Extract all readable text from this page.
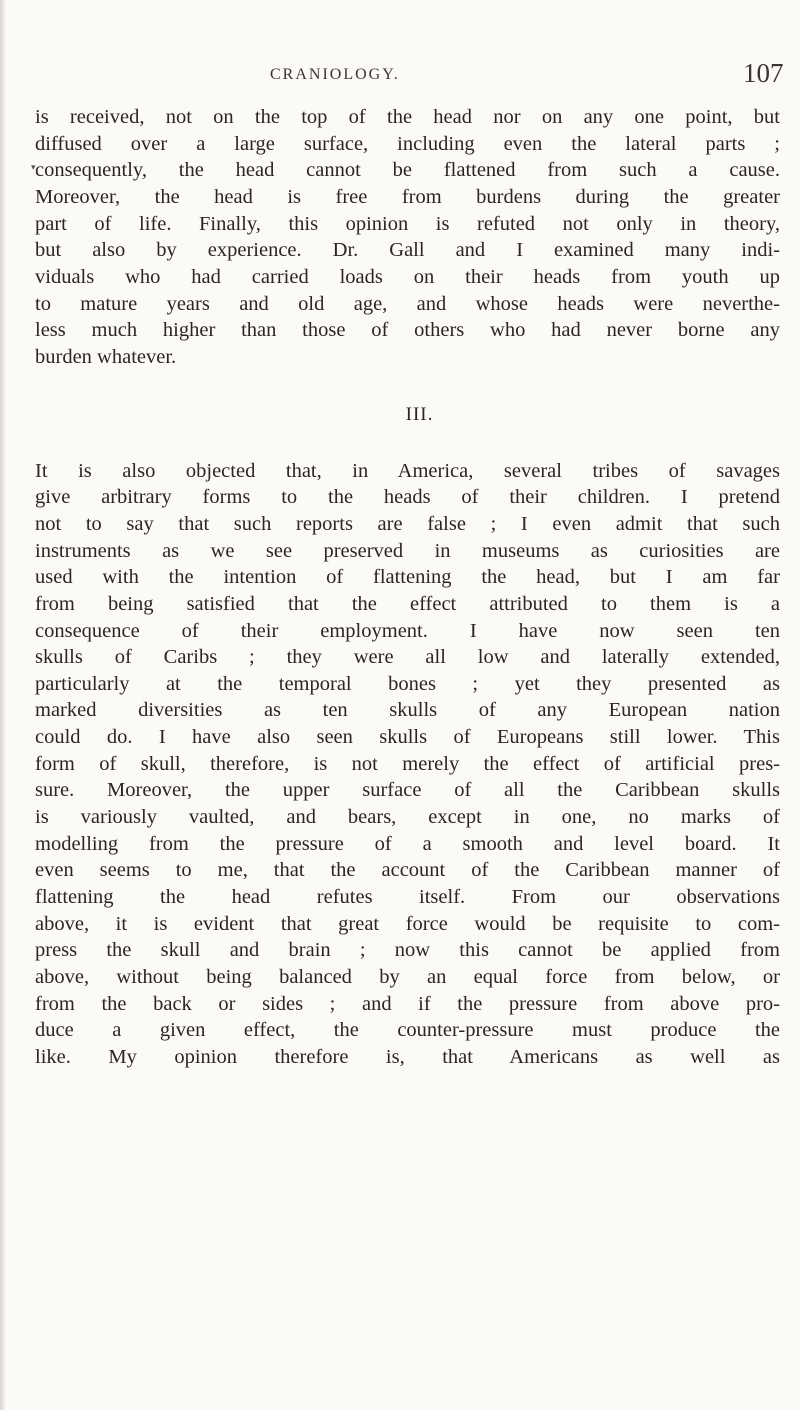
CRANIOLOGY.	107
▾
is received, not on the top of the head nor on any one point, but
diffused over a large surface, including even the lateral parts ;
consequently, the head cannot be flattened from such a cause.
Moreover, the head is free from burdens during the greater
part of life. Finally, this opinion is refuted not only in theory,
but also by experience. Dr. Gall and I examined many indi-
viduals who had carried loads on their heads from youth up
to mature years and old age, and whose heads were neverthe-
less much higher than those of others who had never borne any
burden whatever.
III.
It is also objected that, in America, several tribes of savages
give arbitrary forms to the heads of their children. I pretend
not to say that such reports are false ; I even admit that such
instruments as we see preserved in museums as curiosities are
used with the intention of flattening the head, but I am far
from being satisfied that the effect attributed to them is a
consequence of their employment. I have now seen ten
skulls of Caribs ; they were all low and laterally extended,
particularly at the temporal bones ; yet they presented as
marked diversities as ten skulls of any European nation
could do. I have also seen skulls of Europeans still lower. This
form of skull, therefore, is not merely the effect of artificial pres-
sure. Moreover, the upper surface of all the Caribbean skulls
is variously vaulted, and bears, except in one, no marks of
modelling from the pressure of a smooth and level board. It
even seems to me, that the account of the Caribbean manner of
flattening the head refutes itself. From our observations
above, it is evident that great force would be requisite to com-
press the skull and brain ; now this cannot be applied from
above, without being balanced by an equal force from below, or
from the back or sides ; and if the pressure from above pro-
duce a given effect, the counter-pressure must produce the
like. My opinion therefore is, that Americans as well as
